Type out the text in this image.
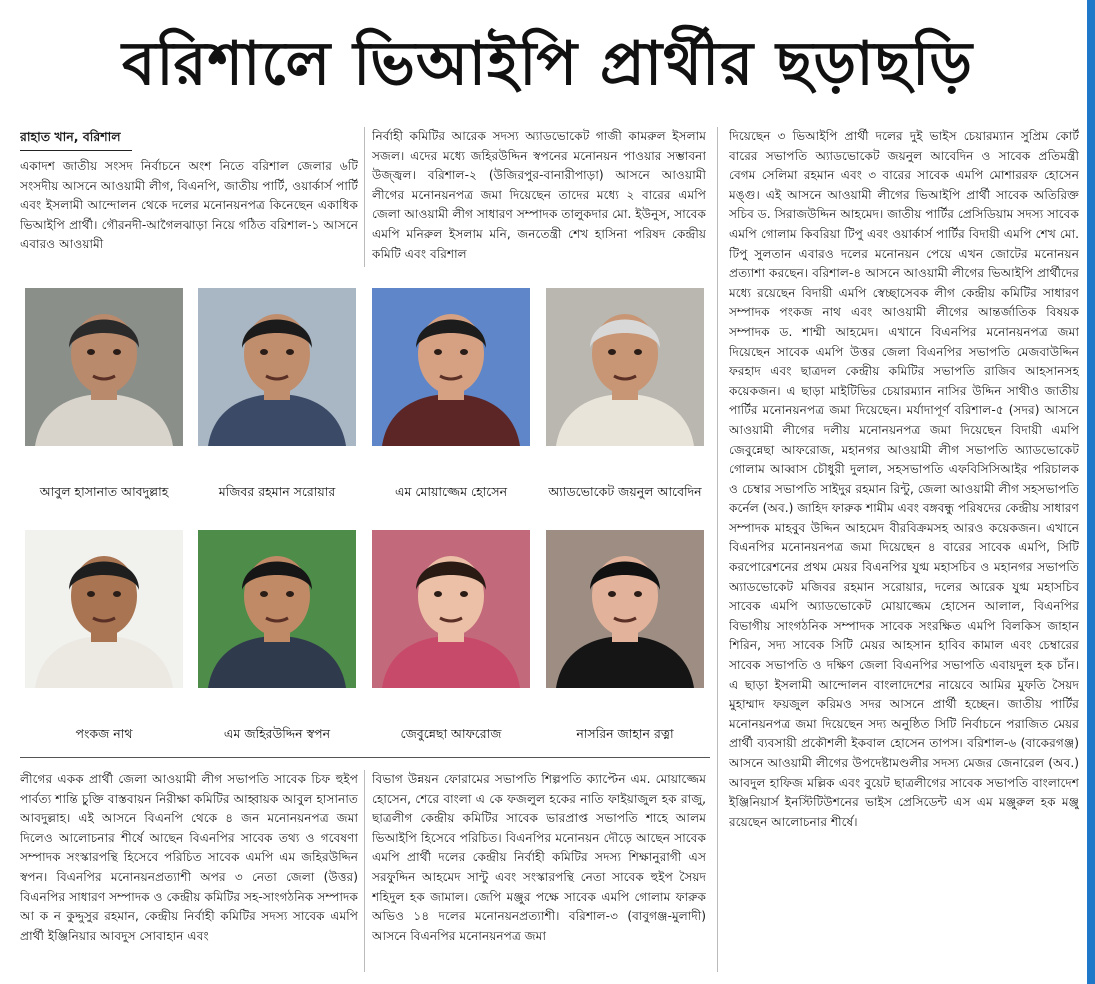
বরিশালে ভিআইপি প্রার্থীর ছড়াছড়ি
রাহাত খান, বরিশাল

একাদশ জাতীয় সংসদ নির্বাচনে অংশ নিতে বরিশাল জেলার ৬টি সংসদীয় আসনে আওয়ামী লীগ, বিএনপি, জাতীয় পার্টি, ওয়ার্কার্স পার্টি এবং ইসলামী আন্দোলন থেকে দলের মনোনয়নপত্র কিনেছেন একাধিক ভিআইপি প্রার্থী। গৌরনদী-আগৈলঝাড়া নিয়ে গঠিত বরিশাল-১ আসনে এবারও আওয়ামী

নির্বাহী কমিটির আরেক সদস্য অ্যাডভোকেট গাজী কামরুল ইসলাম সজল। এদের মধ্যে জহিরউদ্দিন স্বপনের মনোনয়ন পাওয়ার সম্ভাবনা উজ্জ্বল। বরিশাল-২ (উজিরপুর-বানারীপাড়া) আসনে আওয়ামী লীগের মনোনয়নপত্র জমা দিয়েছেন তাদের মধ্যে ২ বারের এমপি জেলা আওয়ামী লীগ সাধারণ সম্পাদক তালুকদার মো. ইউনুস, সাবেক এমপি মনিরুল ইসলাম মনি, জনতেন্ত্রী শেখ হাসিনা পরিষদ কেন্দ্রীয় কমিটি এবং বরিশাল

দিয়েছেন ৩ ভিআইপি প্রার্থী দলের দুই ভাইস চেয়ারম্যান সুপ্রিম কোর্ট বারের সভাপতি অ্যাডভোকেট জয়নুল আবেদিন ও সাবেক প্রতিমন্ত্রী বেগম সেলিমা রহমান এবং ৩ বারের সাবেক এমপি মোশাররফ হোসেন মঙ্গু। এই আসনে আওয়ামী লীগের ভিআইপি প্রার্থী সাবেক অতিরিক্ত সচিব ড. সিরাজউদ্দিন আহমেদ। জাতীয় পার্টির প্রেসিডিয়াম সদস্য সাবেক এমপি গোলাম কিবরিয়া টিপু এবং ওয়ার্কার্স পার্টির বিদায়ী এমপি শেখ মো. টিপু সুলতান এবারও দলের মনোনয়ন পেয়ে এখন জোটের মনোনয়ন প্রত্যাশা করছেন। বরিশাল-৪ আসনে আওয়ামী লীগের ভিআইপি প্রার্থীদের মধ্যে রয়েছেন বিদায়ী এমপি স্বেচ্ছাসেবক লীগ কেন্দ্রীয় কমিটির সাধারণ সম্পাদক পংকজ নাথ এবং আওয়ামী লীগের আন্তর্জাতিক বিষয়ক সম্পাদক ড. শাম্মী আহমেদ। এখানে বিএনপির মনোনয়নপত্র জমা দিয়েছেন সাবেক এমপি উত্তর জেলা বিএনপির সভাপতি মেজবাউদ্দিন ফরহাদ এবং ছাত্রদল কেন্দ্রীয় কমিটির সভাপতি রাজিব আহসানসহ কয়েকজন। এ ছাড়া মাইটিভির চেয়ারম্যান নাসির উদ্দিন সাথীও জাতীয় পার্টির মনোনয়নপত্র জমা দিয়েছেন। মর্যাদাপূর্ণ বরিশাল-৫ (সদর) আসনে আওয়ামী লীগের দলীয় মনোনয়নপত্র জমা দিয়েছেন বিদায়ী এমপি জেবুন্নেছা আফরোজ, মহানগর আওয়ামী লীগ সভাপতি অ্যাডভোকেট গোলাম আব্বাস চৌধুরী দুলাল, সহসভাপতি এফবিসিসিআইর পরিচালক ও চেম্বার সভাপতি সাইদুর রহমান রিন্টু, জেলা আওয়ামী লীগ সহসভাপতি কর্নেল (অব.) জাহিদ ফারুক শামীম এবং বঙ্গবন্ধু পরিষদের কেন্দ্রীয় সাধারণ সম্পাদক মাহবুব উদ্দিন আহমেদ বীরবিক্রমসহ আরও কয়েকজন। এখানে বিএনপির মনোনয়নপত্র জমা দিয়েছেন ৪ বারের সাবেক এমপি, সিটি করপোরেশনের প্রথম মেয়র বিএনপির যুগ্ম মহাসচিব ও মহানগর সভাপতি অ্যাডভোকেট মজিবর রহমান সরোয়ার, দলের আরেক যুগ্ম মহাসচিব সাবেক এমপি অ্যাডভোকেট মোয়াজ্জেম হোসেন আলাল, বিএনপির বিভাগীয় সাংগঠনিক সম্পাদক সাবেক সংরক্ষিত এমপি বিলকিস জাহান শিরিন, সদ্য সাবেক সিটি মেয়র আহসান হাবিব কামাল এবং চেম্বারের সাবেক সভাপতি ও দক্ষিণ জেলা বিএনপির সভাপতি এবায়দুল হক চাঁন। এ ছাড়া ইসলামী আন্দোলন বাংলাদেশের নায়েবে আমির মুফতি সৈয়দ মুহাম্মাদ ফয়জুল করিমও সদর আসনে প্রার্থী হচ্ছেন। জাতীয় পার্টির মনোনয়নপত্র জমা দিয়েছেন সদ্য অনুষ্ঠিত সিটি নির্বাচনে পরাজিত মেয়র প্রার্থী ব্যবসায়ী প্রকৌশলী ইকবাল হোসেন তাপস। বরিশাল-৬ (বাকেরগঞ্জ) আসনে আওয়ামী লীগের উপদেষ্টামণ্ডলীর সদস্য মেজর জেনারেল (অব.) আবদুল হাফিজ মল্লিক এবং বুয়েট ছাত্রলীগের সাবেক সভাপতি বাংলাদেশ ইঞ্জিনিয়ার্স ইনস্টিটিউশনের ভাইস প্রেসিডেন্ট এস এম মঞ্জুরুল হক মঞ্জু রয়েছেন আলোচনার শীর্ষে।

আবুল হাসানাত আবদুল্লাহ	মজিবর রহমান সরোয়ার	এম মোয়াজ্জেম হোসেন	অ্যাডভোকেট জয়নুল আবেদিন
পংকজ নাথ	এম জহিরউদ্দিন স্বপন	জেবুন্নেছা আফরোজ	নাসরিন জাহান রত্না

লীগের একক প্রার্থী জেলা আওয়ামী লীগ সভাপতি সাবেক চিফ হুইপ পার্বত্য শান্তি চুক্তি বাস্তবায়ন নিরীক্ষা কমিটির আহ্বায়ক আবুল হাসানাত আবদুল্লাহ। এই আসনে বিএনপি থেকে ৪ জন মনোনয়নপত্র জমা দিলেও আলোচনার শীর্ষে আছেন বিএনপির সাবেক তথ্য ও গবেষণা সম্পাদক সংস্কারপন্থি হিসেবে পরিচিত সাবেক এমপি এম জহিরউদ্দিন স্বপন। বিএনপির মনোনয়নপ্রত্যাশী অপর ৩ নেতা জেলা (উত্তর) বিএনপির সাধারণ সম্পাদক ও কেন্দ্রীয় কমিটির সহ-সাংগঠনিক সম্পাদক আ ক ন কুদ্দুসুর রহমান, কেন্দ্রীয় নির্বাহী কমিটির সদস্য সাবেক এমপি প্রার্থী ইঞ্জিনিয়ার আবদুস সোবাহান এবং

বিভাগ উন্নয়ন ফোরামের সভাপতি শিল্পপতি ক্যাপ্টেন এম. মোয়াজ্জেম হোসেন, শেরে বাংলা এ কে ফজলুল হকের নাতি ফাইয়াজুল হক রাজু, ছাত্রলীগ কেন্দ্রীয় কমিটির সাবেক ভারপ্রাপ্ত সভাপতি শাহে আলম ভিআইপি হিসেবে পরিচিত। বিএনপির মনোনয়ন দৌড়ে আছেন সাবেক এমপি প্রার্থী দলের কেন্দ্রীয় নির্বাহী কমিটির সদস্য শিক্ষানুরাগী এস সরফুদ্দিন আহমেদ সান্টু এবং সংস্কারপন্থি নেতা সাবেক হুইপ সৈয়দ শহিদুল হক জামাল। জেপি মঞ্জুর পক্ষে সাবেক এমপি গোলাম ফারুক অভিও ১৪ দলের মনোনয়নপ্রত্যাশী। বরিশাল-৩ (বাবুগঞ্জ-মুলাদী) আসনে বিএনপির মনোনয়নপত্র জমা
